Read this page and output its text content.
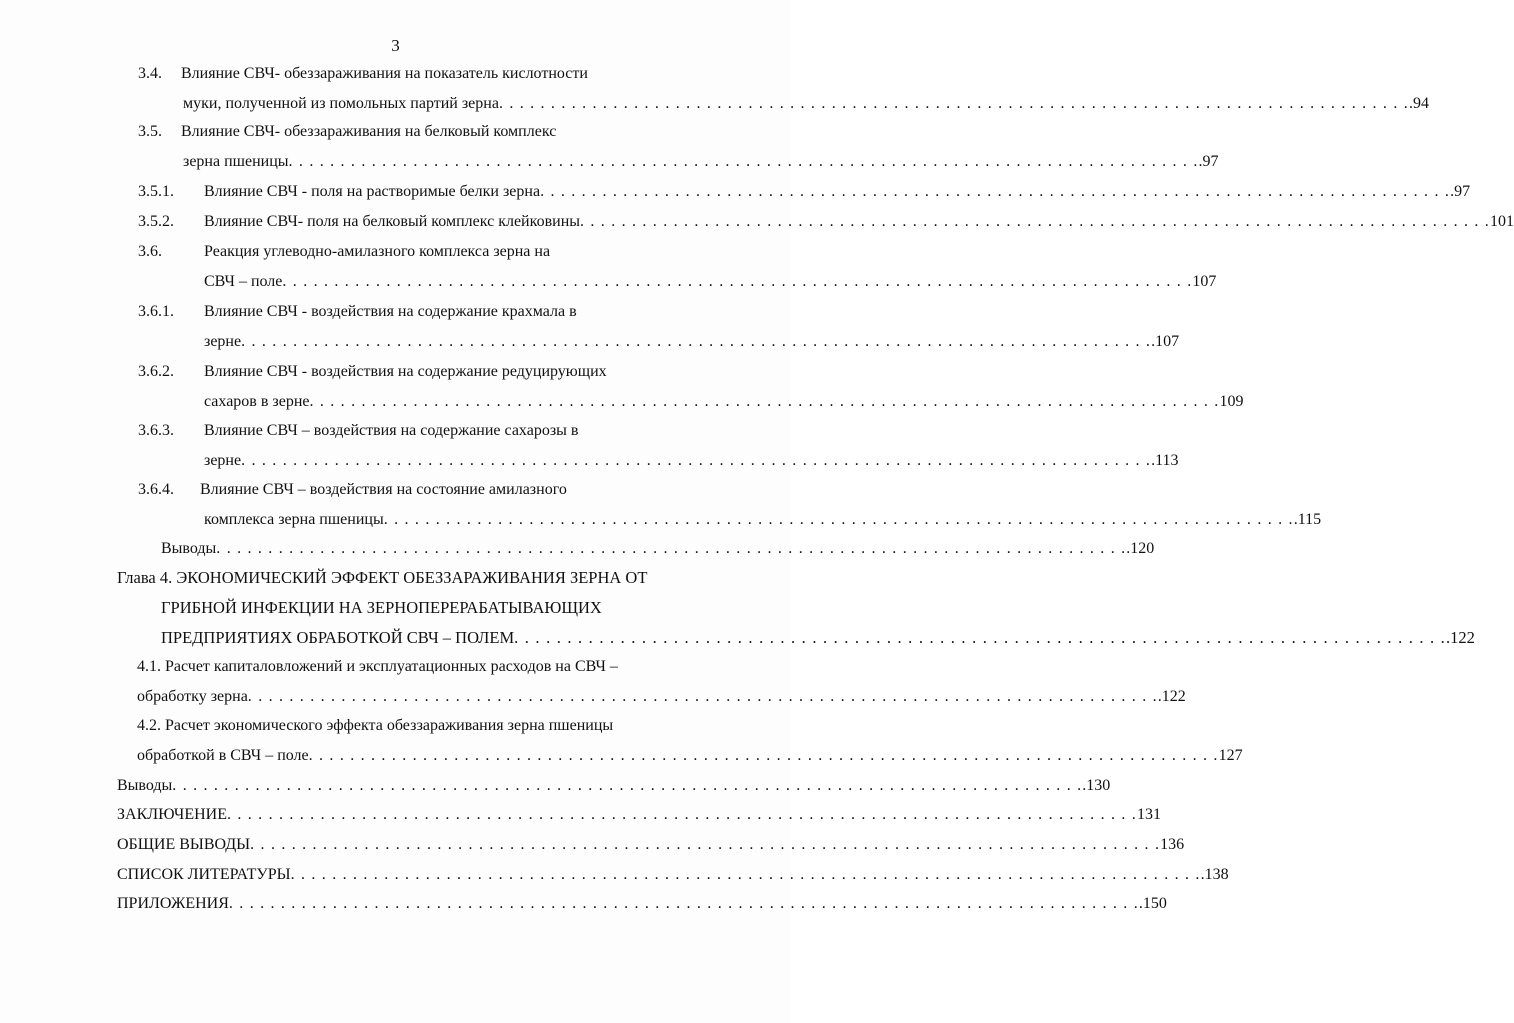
3
3.4. Влияние СВЧ- обеззараживания на показатель кислотности
муки, полученной из помольных партий зерна . . . . . . . . . . . . . . . . . . . . . . . . . . . . . . . . . . . . . . . . . . . . . . . . . . . . . . . . . . . . . . . . . . . . . . . . . . . . . . . . . . . . . . . . .94
3.5. Влияние СВЧ- обеззараживания на белковый комплекс
зерна пшеницы . . . . . . . . . . . . . . . . . . . . . . . . . . . . . . . . . . . . . . . . . . . . . . . . . . . . . . . . . . . . . . . . . . . . . . . . . . . . . . . . . . . . . . . . .97
3.5.1. Влияние СВЧ - поля на растворимые белки зерна . . . . . . . . . . . . . . . . . . . . . . . . . . . . . . . . . . . . . . . . . . . . . . . . . . . . . . . . . . . . . . . . . . . . . . . . . . . . . . . . . . . . . . . . .97
3.5.2. Влияние СВЧ- поля на белковый комплекс клейковины . . . . . . . . . . . . . . . . . . . . . . . . . . . . . . . . . . . . . . . . . . . . . . . . . . . . . . . . . . . . . . . . . . . . . . . . . . . . . . . . . . . . . . . . 101
3.6.	Реакция углеводно-амилазного комплекса зерна на
СВЧ – поле . . . . . . . . . . . . . . . . . . . . . . . . . . . . . . . . . . . . . . . . . . . . . . . . . . . . . . . . . . . . . . . . . . . . . . . . . . . . . . . . . . . . . . . . 107
3.6.1. Влияние СВЧ - воздействия на содержание крахмала в
зерне . . . . . . . . . . . . . . . . . . . . . . . . . . . . . . . . . . . . . . . . . . . . . . . . . . . . . . . . . . . . . . . . . . . . . . . . . . . . . . . . . . . . . . . . .107
3.6.2. Влияние СВЧ - воздействия на содержание редуцирующих
сахаров в зерне . . . . . . . . . . . . . . . . . . . . . . . . . . . . . . . . . . . . . . . . . . . . . . . . . . . . . . . . . . . . . . . . . . . . . . . . . . . . . . . . . . . . . . . . 109
3.6.3. Влияние СВЧ – воздействия на содержание сахарозы в
зерне . . . . . . . . . . . . . . . . . . . . . . . . . . . . . . . . . . . . . . . . . . . . . . . . . . . . . . . . . . . . . . . . . . . . . . . . . . . . . . . . . . . . . . . . .113
3.6.4. Влияние СВЧ – воздействия на состояние амилазного
комплекса зерна пшеницы . . . . . . . . . . . . . . . . . . . . . . . . . . . . . . . . . . . . . . . . . . . . . . . . . . . . . . . . . . . . . . . . . . . . . . . . . . . . . . . . . . . . . . . . .115
Выводы . . . . . . . . . . . . . . . . . . . . . . . . . . . . . . . . . . . . . . . . . . . . . . . . . . . . . . . . . . . . . . . . . . . . . . . . . . . . . . . . . . . . . . . . .120
Глава 4. ЭКОНОМИЧЕСКИЙ ЭФФЕКТ ОБЕЗЗАРАЖИВАНИЯ ЗЕРНА ОТ
ГРИБНОЙ ИНФЕКЦИИ НА ЗЕРНОПЕРЕРАБАТЫВАЮЩИХ
ПРЕДПРИЯТИЯХ ОБРАБОТКОЙ СВЧ – ПОЛЕМ . . . . . . . . . . . . . . . . . . . . . . . . . . . . . . . . . . . . . . . . . . . . . . . . . . . . . . . . . . . . . . . . . . . . . . . . . . . . . . . . . . . . . . . . .122
4.1. Расчет капиталовложений и эксплуатационных расходов на СВЧ –
обработку зерна . . . . . . . . . . . . . . . . . . . . . . . . . . . . . . . . . . . . . . . . . . . . . . . . . . . . . . . . . . . . . . . . . . . . . . . . . . . . . . . . . . . . . . . . .122
4.2. Расчет экономического эффекта обеззараживания зерна пшеницы
обработкой в СВЧ – поле . . . . . . . . . . . . . . . . . . . . . . . . . . . . . . . . . . . . . . . . . . . . . . . . . . . . . . . . . . . . . . . . . . . . . . . . . . . . . . . . . . . . . . . . 127
Выводы . . . . . . . . . . . . . . . . . . . . . . . . . . . . . . . . . . . . . . . . . . . . . . . . . . . . . . . . . . . . . . . . . . . . . . . . . . . . . . . . . . . . . . . . .130
ЗАКЛЮЧЕНИЕ . . . . . . . . . . . . . . . . . . . . . . . . . . . . . . . . . . . . . . . . . . . . . . . . . . . . . . . . . . . . . . . . . . . . . . . . . . . . . . . . . . . . . . . . 131
ОБЩИЕ ВЫВОДЫ . . . . . . . . . . . . . . . . . . . . . . . . . . . . . . . . . . . . . . . . . . . . . . . . . . . . . . . . . . . . . . . . . . . . . . . . . . . . . . . . . . . . . . . . 136
СПИСОК ЛИТЕРАТУРЫ . . . . . . . . . . . . . . . . . . . . . . . . . . . . . . . . . . . . . . . . . . . . . . . . . . . . . . . . . . . . . . . . . . . . . . . . . . . . . . . . . . . . . . . . .138
ПРИЛОЖЕНИЯ . . . . . . . . . . . . . . . . . . . . . . . . . . . . . . . . . . . . . . . . . . . . . . . . . . . . . . . . . . . . . . . . . . . . . . . . . . . . . . . . . . . . . . . . .150
